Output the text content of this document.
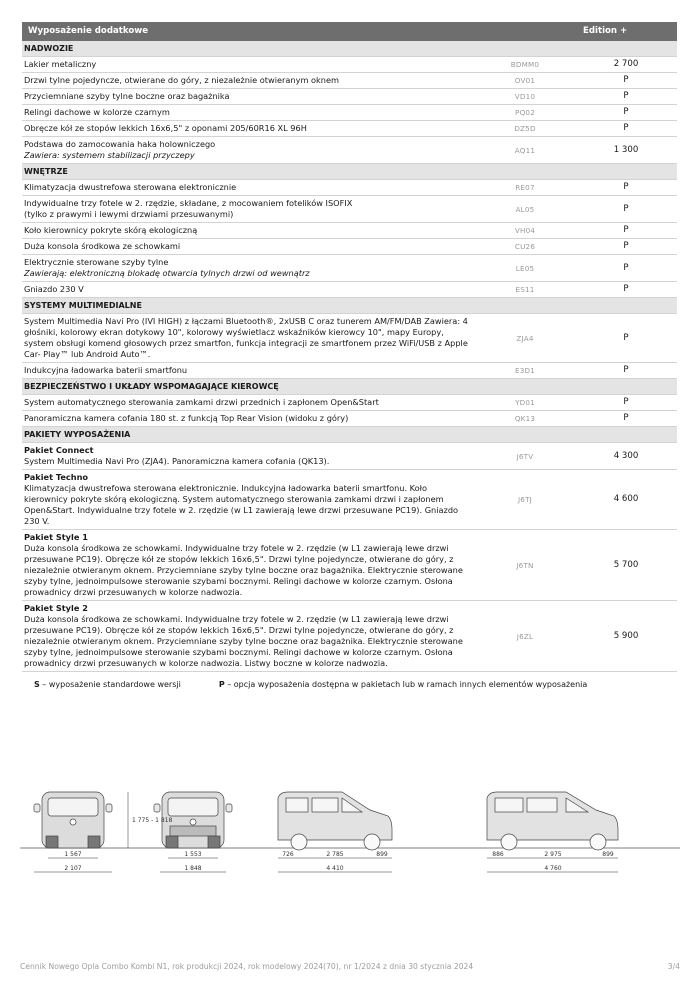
Wyposażenie dodatkowe	Edition +
NADWOZIE
Lakier metaliczny	BDMM0	2 700
Drzwi tylne pojedyncze, otwierane do góry, z niezależnie otwieranym oknem	OV01	P
Przyciemniane szyby tylne boczne oraz bagażnika	VD10	P
Relingi dachowe w kolorze czarnym	PQ02	P
Obręcze kół ze stopów lekkich 16x6,5" z oponami 205/60R16 XL 96H	DZ5D	P
Podstawa do zamocowania haka holowniczego
Zawiera: systemem stabilizacji przyczepy	AQ11	1 300
WNĘTRZE
Klimatyzacja dwustrefowa sterowana elektronicznie	RE07	P
Indywidualne trzy fotele w 2. rzędzie, składane, z mocowaniem fotelików ISOFIX
(tylko z prawymi i lewymi drzwiami przesuwanymi)	AL05	P
Koło kierownicy pokryte skórą ekologiczną	VH04	P
Duża konsola środkowa ze schowkami	CU26	P
Elektrycznie sterowane szyby tylne
Zawierają: elektroniczną blokadę otwarcia tylnych drzwi od wewnątrz	LE05	P
Gniazdo 230 V	ES11	P
SYSTEMY MULTIMEDIALNE
System Multimedia Navi Pro (IVI HIGH) z łączami Bluetooth®, 2xUSB C oraz tunerem AM/FM/DAB Zawiera: 4 głośniki, kolorowy ekran dotykowy 10", kolorowy wyświetlacz wskaźników kierowcy 10", mapy Europy, system obsługi komend głosowych przez smartfon, funkcja integracji ze smartfonem przez WiFi/USB z Apple Car- Play™ lub Android Auto™.
ZJA4	P
Indukcyjna ładowarka baterii smartfonu	E3D1	P
BEZPIECZEŃSTWO I UKŁADY WSPOMAGAJĄCE KIEROWCĘ
System automatycznego sterowania zamkami drzwi przednich i zapłonem Open&Start	YD01	P
Panoramiczna kamera cofania 180 st. z funkcją Top Rear Vision (widoku z góry)	QK13	P
PAKIETY WYPOSAŻENIA
Pakiet Connect
System Multimedia Navi Pro (ZJA4). Panoramiczna kamera cofania (QK13).	J6TV	4 300
Pakiet Techno
Klimatyzacja dwustrefowa sterowana elektronicznie. Indukcyjna ładowarka baterii smartfonu. Koło kierownicy pokryte skórą ekologiczną. System automatycznego sterowania zamkami drzwi i zapłonem Open&Start. Indywidualne trzy fotele w 2. rzędzie (w L1 zawierają lewe drzwi przesuwane PC19). Gniazdo 230 V.
J6TJ	4 600
Pakiet Style 1
Duża konsola środkowa ze schowkami. Indywidualne trzy fotele w 2. rzędzie (w L1 zawierają lewe drzwi przesuwane PC19). Obręcze kół ze stopów lekkich 16x6,5". Drzwi tylne pojedyncze, otwierane do góry, z niezależnie otwieranym oknem. Przyciemniane szyby tylne boczne oraz bagażnika. Elektrycznie sterowane szyby tylne, jednoimpulsowe sterowanie szybami bocznymi. Relingi dachowe w kolorze czarnym. Osłona prowadnicy drzwi przesuwanych w kolorze nadwozia.
J6TN	5 700
Pakiet Style 2
Duża konsola środkowa ze schowkami. Indywidualne trzy fotele w 2. rzędzie (w L1 zawierają lewe drzwi przesuwane PC19). Obręcze kół ze stopów lekkich 16x6,5". Drzwi tylne pojedyncze, otwierane do góry, z niezależnie otwieranym oknem. Przyciemniane szyby tylne boczne oraz bagażnika. Elektrycznie sterowane szyby tylne, jednoimpulsowe sterowanie szybami bocznymi. Relingi dachowe w kolorze czarnym. Osłona prowadnicy drzwi przesuwanych w kolorze nadwozia. Listwy boczne w kolorze nadwozia.
J6ZL	5 900
S – wyposażenie standardowe wersji	P – opcja wyposażenia dostępna w pakietach lub w ramach innych elementów wyposażenia
1 567
2 107
1 775 - 1 818
1 553
1 848
726	2 785	899
4 410
886	2 975	899
4 760
Cennik Nowego Opla Combo Kombi N1, rok produkcji 2024, rok modelowy 2024(70), nr 1/2024 z dnia 30 stycznia 2024	3/4
